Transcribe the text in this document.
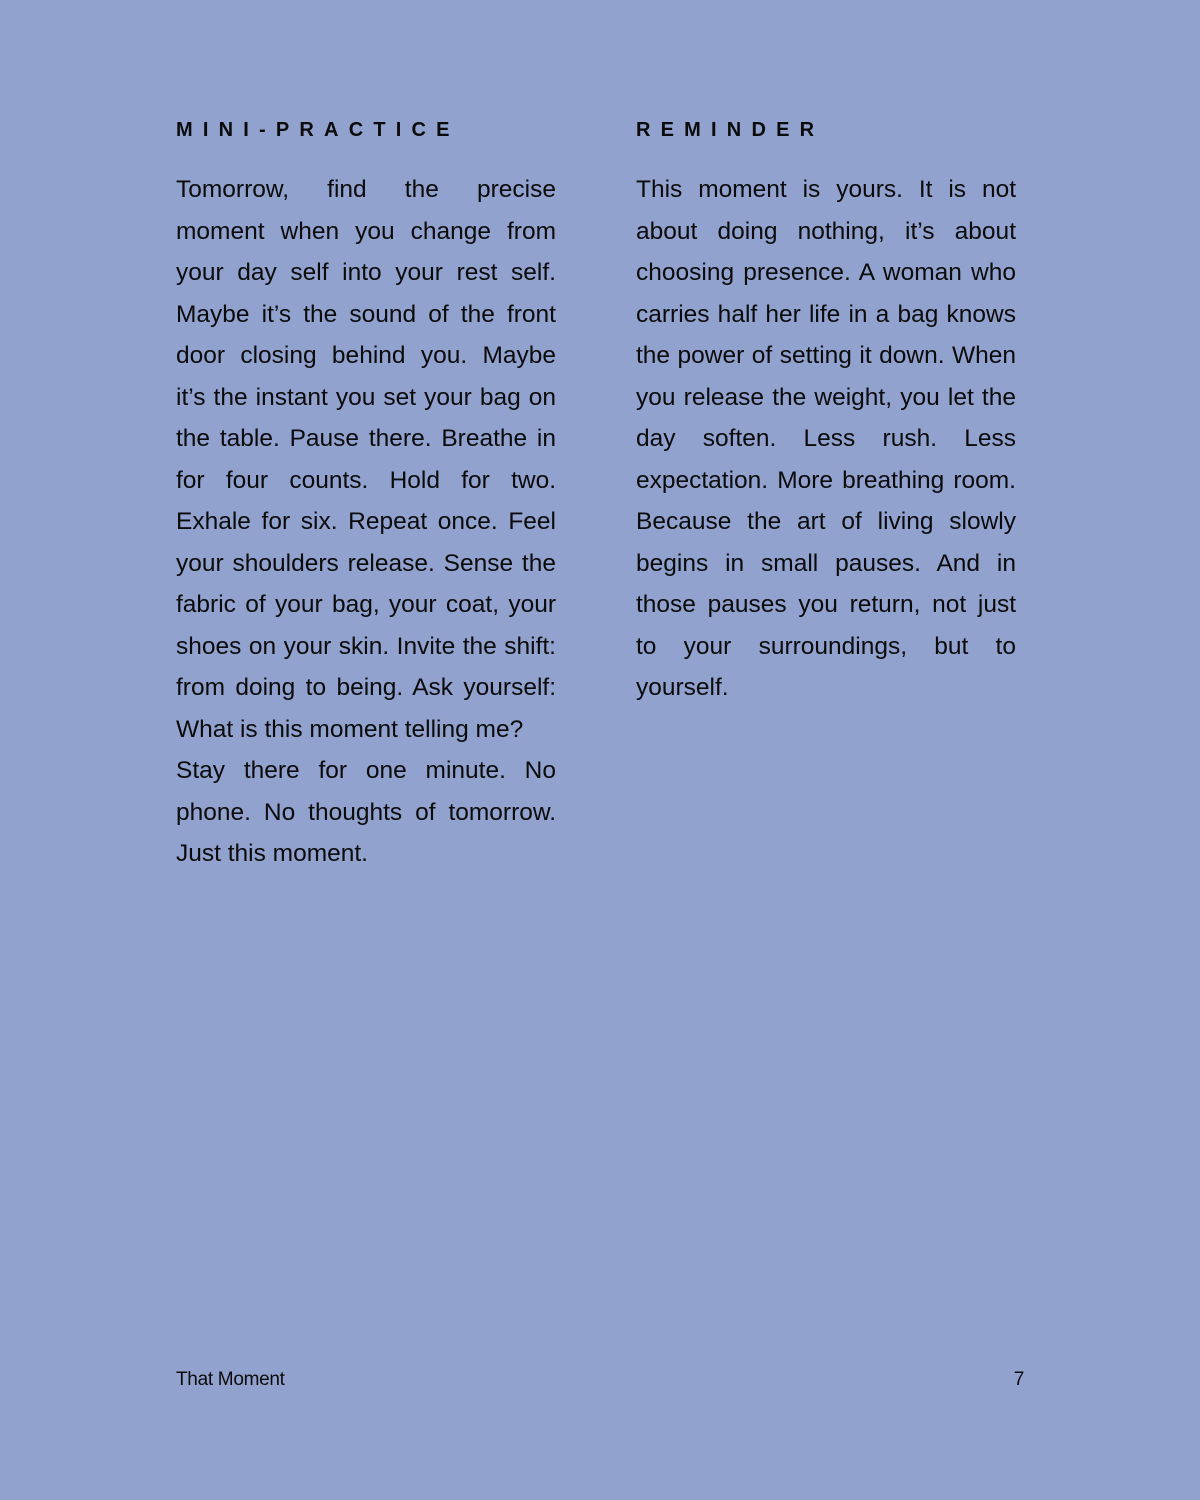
MINI-PRACTICE

Tomorrow, find the precise moment when you change from your day self into your rest self. Maybe it’s the sound of the front door closing behind you. Maybe it’s the instant you set your bag on the table. Pause there. Breathe in for four counts. Hold for two. Exhale for six. Repeat once. Feel your shoulders release. Sense the fabric of your bag, your coat, your shoes on your skin. Invite the shift: from doing to being. Ask yourself: What is this moment telling me?

Stay there for one minute. No phone. No thoughts of tomorrow. Just this moment.

REMINDER

This moment is yours. It is not about doing nothing, it’s about choosing presence. A woman who carries half her life in a bag knows the power of setting it down. When you release the weight, you let the day soften. Less rush. Less expectation. More breathing room. Because the art of living slowly begins in small pauses. And in those pauses you return, not just to your surroundings, but to yourself.

That Moment	7
